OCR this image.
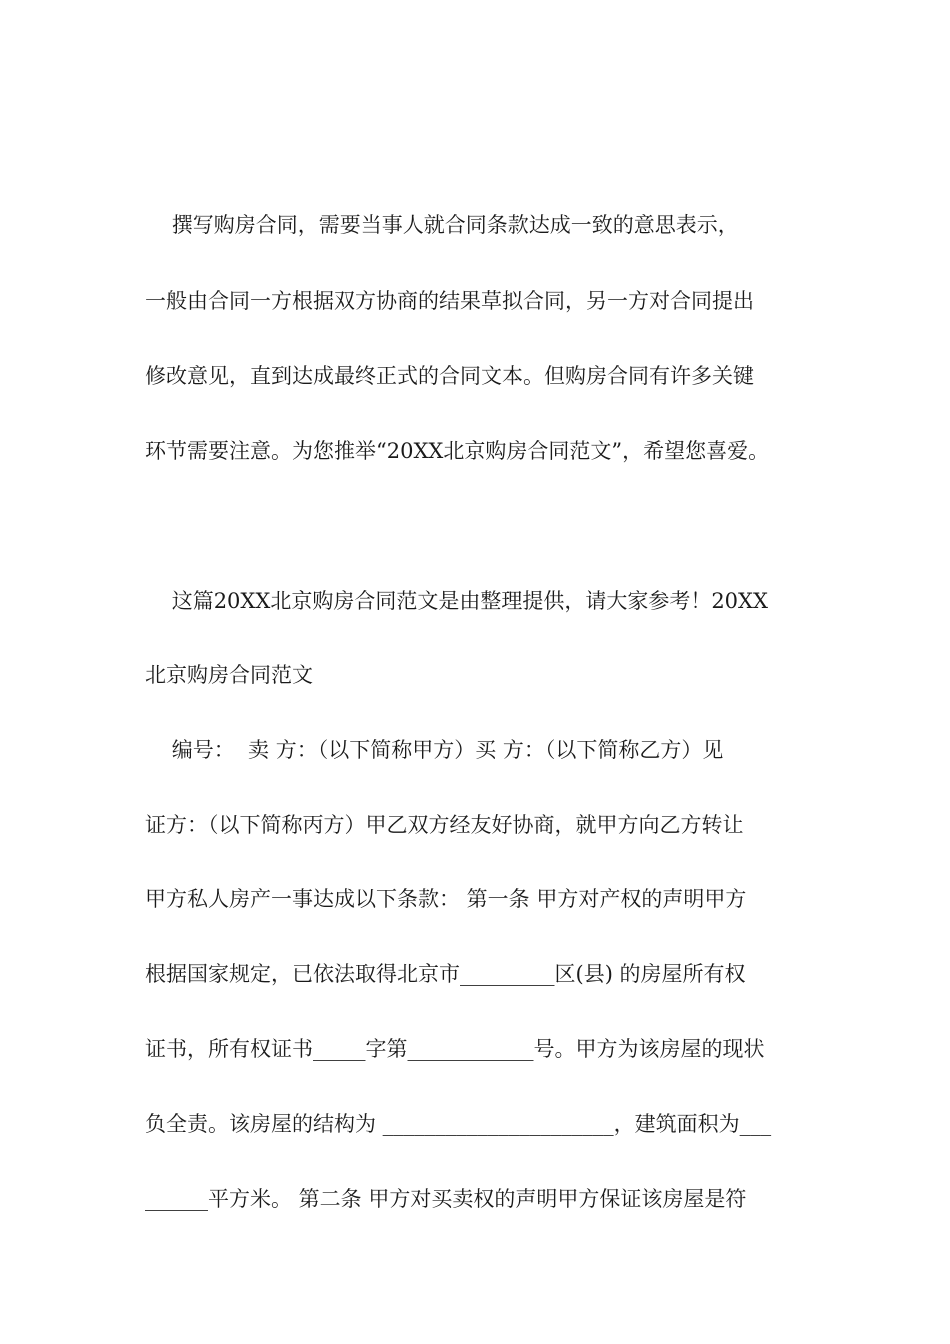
撰写购房合同，需要当事人就合同条款达成一致的意思表示，
一般由合同一方根据双方协商的结果草拟合同，另一方对合同提出
修改意见，直到达成最终正式的合同文本。但购房合同有许多关键
环节需要注意。为您推举“20XX北京购房合同范文”，希望您喜爱。
这篇20XX北京购房合同范文是由整理提供，请大家参考！20XX
北京购房合同范文
编号：  卖 方：（以下简称甲方）买 方：（以下简称乙方）见
证方：（以下简称丙方）甲乙双方经友好协商，就甲方向乙方转让
甲方私人房产一事达成以下条款： 第一条 甲方对产权的声明甲方
根据国家规定，已依法取得北京市_________区(县) 的房屋所有权
证书，所有权证书_____字第____________号。甲方为该房屋的现状
负全责。该房屋的结构为 ______________________，建筑面积为___
______平方米。 第二条 甲方对买卖权的声明甲方保证该房屋是符
